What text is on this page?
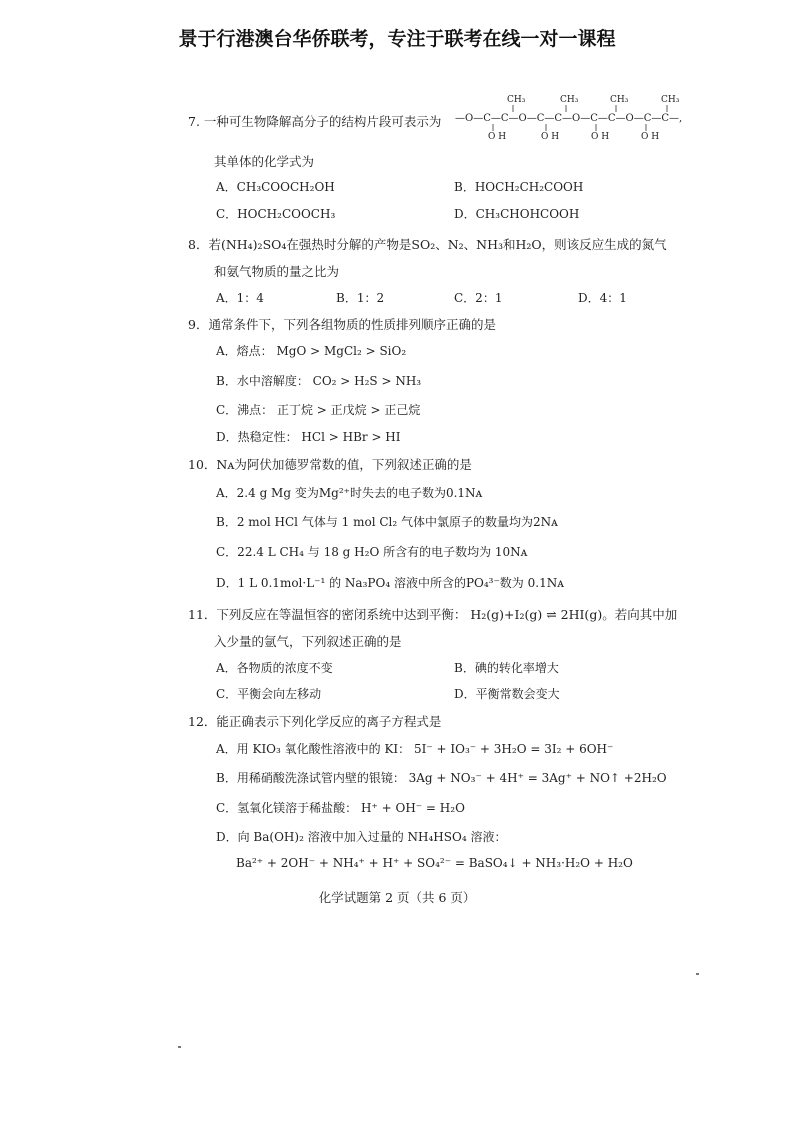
景于行港澳台华侨联考，专注于联考在线一对一课程
7. 一种可生物降解高分子的结构片段可表示为
CH₃	CH₃	CH₃	CH₃
—O—C—C—O—C—C—O—C—C—O—C—C—,
O H	O H	O H	O H
其单体的化学式为
A．CH₃COOCH₂OH	B．HOCH₂CH₂COOH
C．HOCH₂COOCH₃	D．CH₃CHOHCOOH
8．若(NH₄)₂SO₄在强热时分解的产物是SO₂、N₂、NH₃和H₂O，则该反应生成的氮气
和氨气物质的量之比为
A．1：4	B．1：2	C．2：1	D．4：1
9．通常条件下，下列各组物质的性质排列顺序正确的是
A．熔点： MgO > MgCl₂ > SiO₂
B．水中溶解度： CO₂ > H₂S > NH₃
C．沸点： 正丁烷 > 正戊烷 > 正己烷
D．热稳定性： HCl > HBr > HI
10．Nᴀ为阿伏加德罗常数的值，下列叙述正确的是
A．2.4 g Mg 变为Mg²⁺时失去的电子数为0.1Nᴀ
B．2 mol HCl 气体与 1 mol Cl₂ 气体中氯原子的数量均为2Nᴀ
C．22.4 L CH₄ 与 18 g H₂O 所含有的电子数均为 10Nᴀ
D．1 L 0.1mol·L⁻¹ 的 Na₃PO₄ 溶液中所含的PO₄³⁻数为 0.1Nᴀ
11．下列反应在等温恒容的密闭系统中达到平衡： H₂(g)+I₂(g) ⇌ 2HI(g)。若向其中加
入少量的氩气，下列叙述正确的是
A．各物质的浓度不变	B．碘的转化率增大
C．平衡会向左移动	D．平衡常数会变大
12．能正确表示下列化学反应的离子方程式是
A．用 KIO₃ 氧化酸性溶液中的 KI： 5I⁻ + IO₃⁻ + 3H₂O = 3I₂ + 6OH⁻
B．用稀硝酸洗涤试管内壁的银镜： 3Ag + NO₃⁻ + 4H⁺ = 3Ag⁺ + NO↑ +2H₂O
C．氢氧化镁溶于稀盐酸： H⁺ + OH⁻ = H₂O
D．向 Ba(OH)₂ 溶液中加入过量的 NH₄HSO₄ 溶液：
Ba²⁺ + 2OH⁻ + NH₄⁺ + H⁺ + SO₄²⁻ = BaSO₄↓ + NH₃·H₂O + H₂O
化学试题第 2 页（共 6 页）
